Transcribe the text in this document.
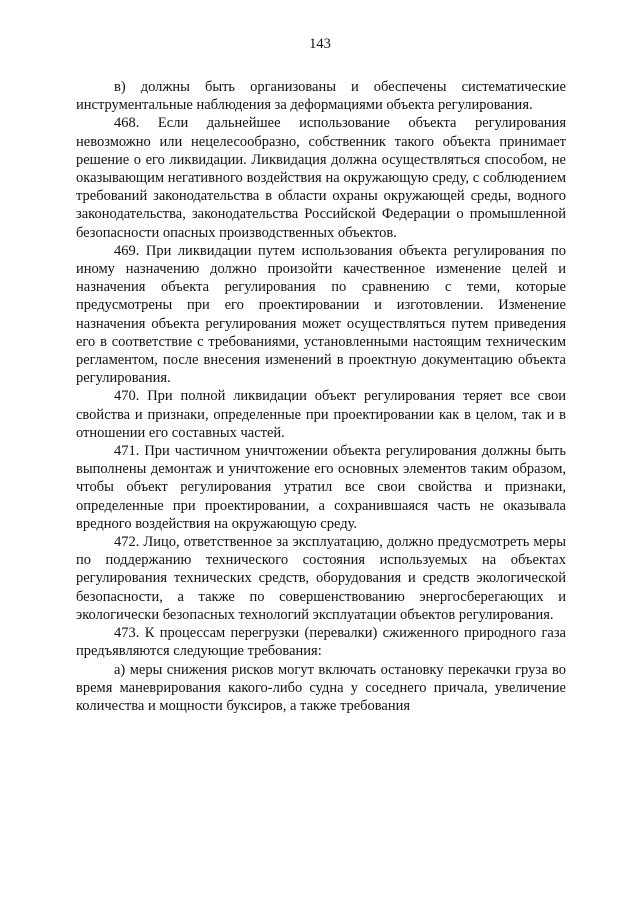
143

в) должны быть организованы и обеспечены систематические инструментальные наблюдения за деформациями объекта регулирования.

468. Если дальнейшее использование объекта регулирования невозможно или нецелесообразно, собственник такого объекта принимает решение о его ликвидации. Ликвидация должна осуществляться способом, не оказывающим негативного воздействия на окружающую среду, с соблюдением требований законодательства в области охраны окружающей среды, водного законодательства, законодательства Российской Федерации о промышленной безопасности опасных производственных объектов.

469. При ликвидации путем использования объекта регулирования по иному назначению должно произойти качественное изменение целей и назначения объекта регулирования по сравнению с теми, которые предусмотрены при его проектировании и изготовлении. Изменение назначения объекта регулирования может осуществляться путем приведения его в соответствие с требованиями, установленными настоящим техническим регламентом, после внесения изменений в проектную документацию объекта регулирования.

470. При полной ликвидации объект регулирования теряет все свои свойства и признаки, определенные при проектировании как в целом, так и в отношении его составных частей.

471. При частичном уничтожении объекта регулирования должны быть выполнены демонтаж и уничтожение его основных элементов таким образом, чтобы объект регулирования утратил все свои свойства и признаки, определенные при проектировании, а сохранившаяся часть не оказывала вредного воздействия на окружающую среду.

472. Лицо, ответственное за эксплуатацию, должно предусмотреть меры по поддержанию технического состояния используемых на объектах регулирования технических средств, оборудования и средств экологической безопасности, а также по совершенствованию энергосберегающих и экологически безопасных технологий эксплуатации объектов регулирования.

473. К процессам перегрузки (перевалки) сжиженного природного газа предъявляются следующие требования:

а) меры снижения рисков могут включать остановку перекачки груза во время маневрирования какого-либо судна у соседнего причала, увеличение количества и мощности буксиров, а также требования
